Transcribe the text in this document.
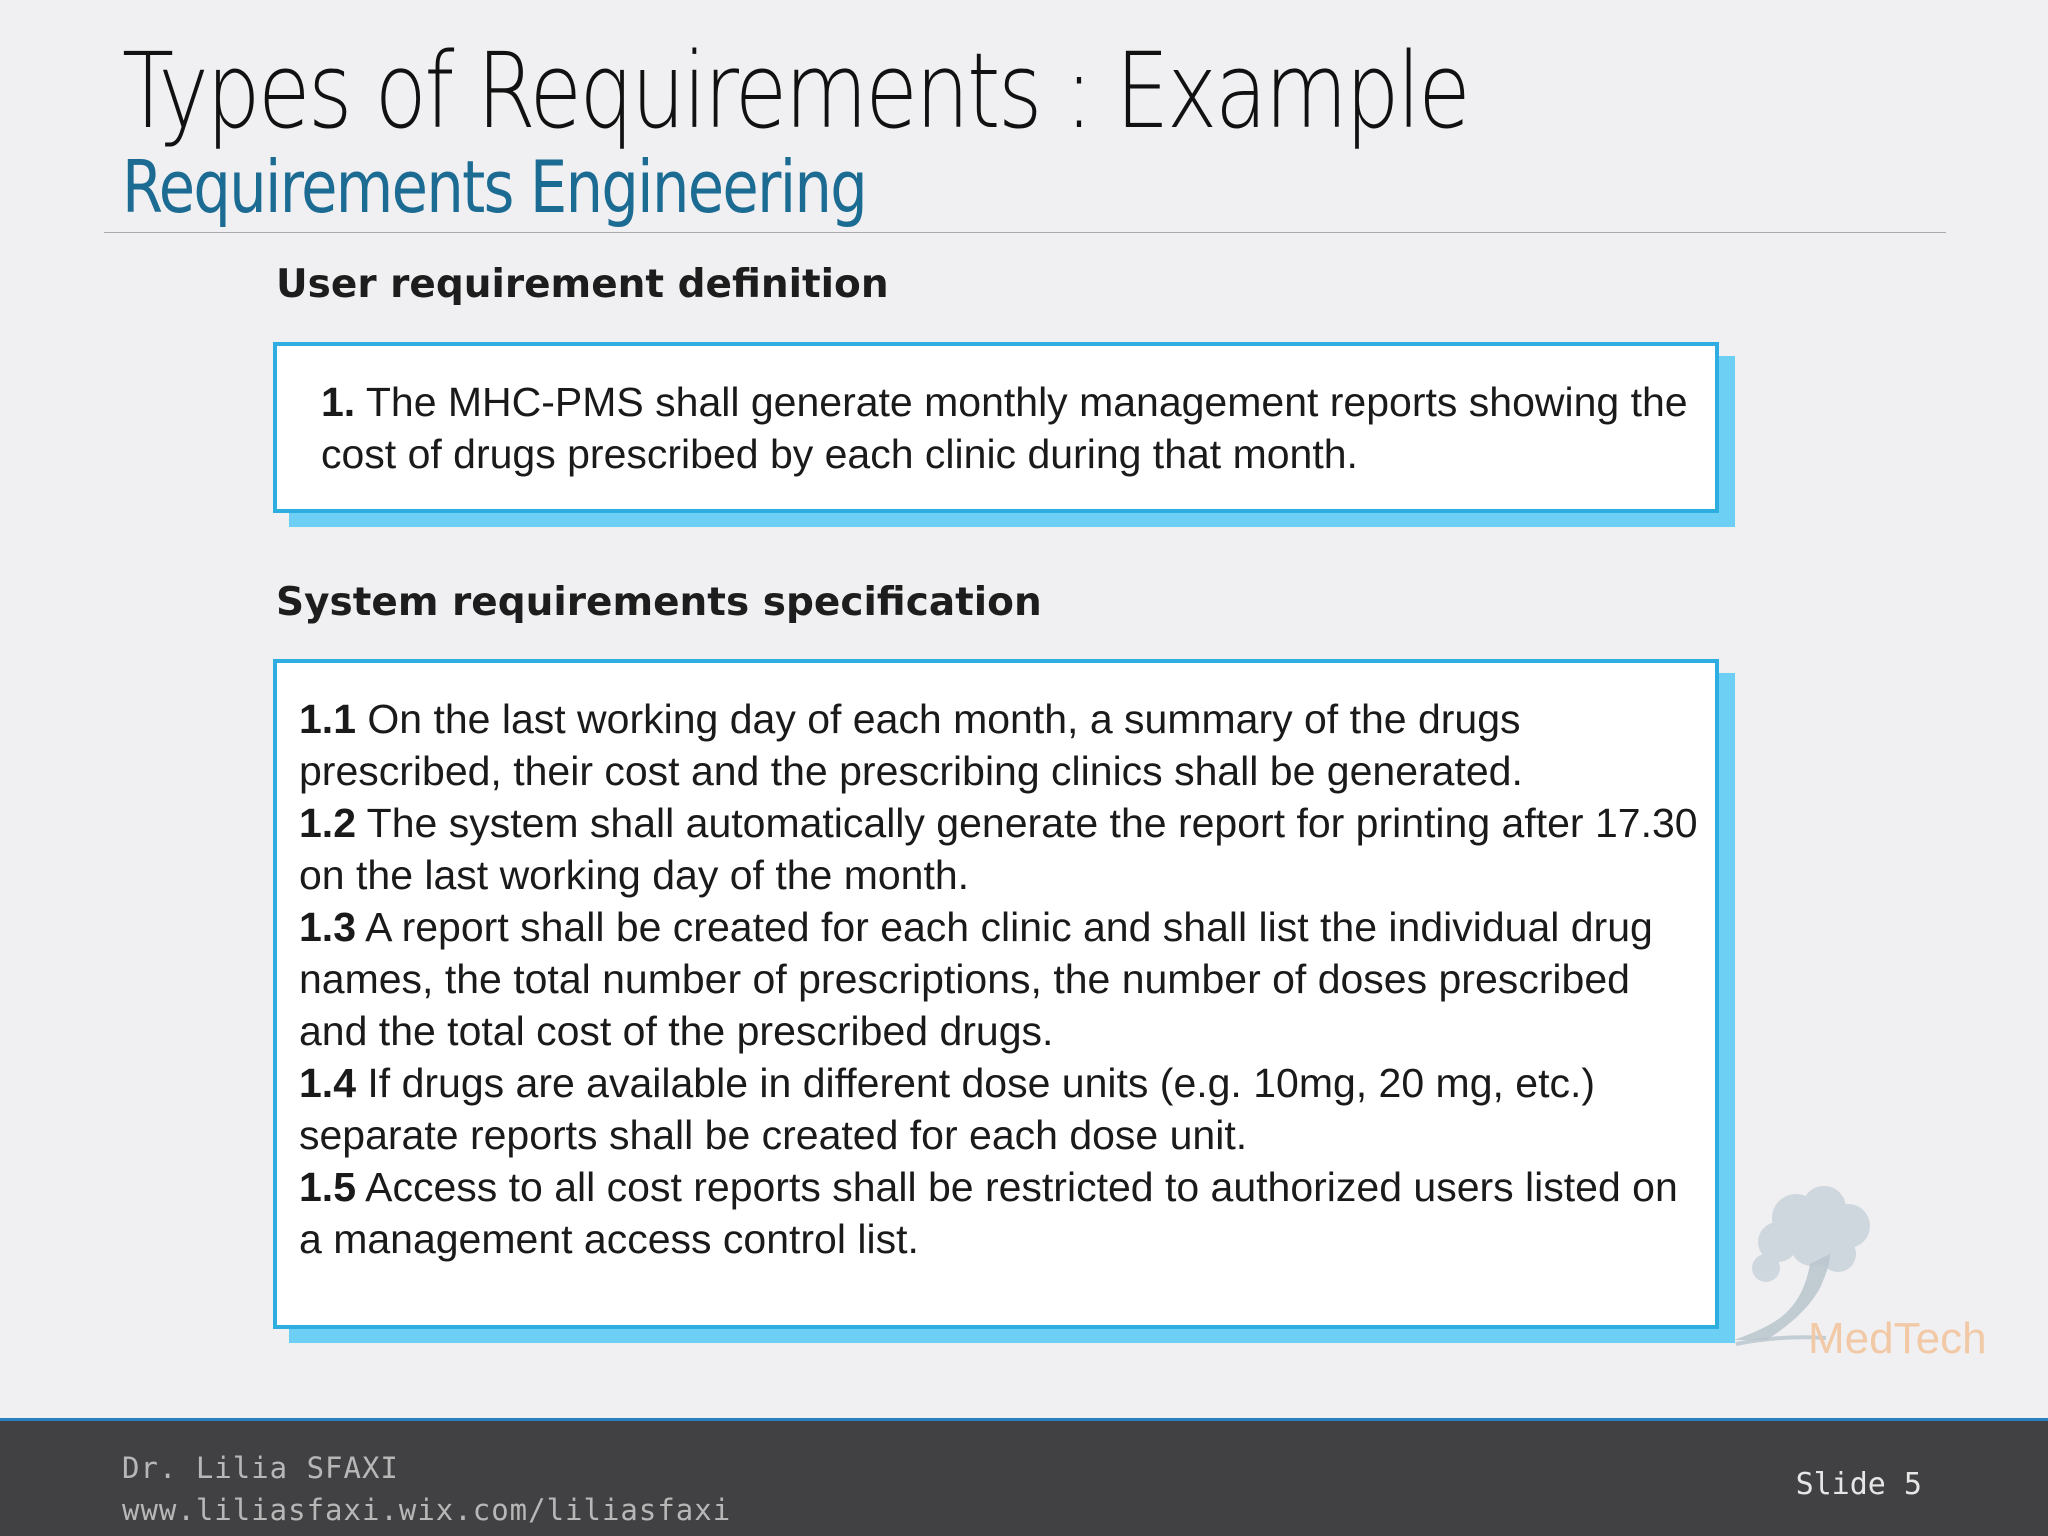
Types of Requirements : Example
Requirements Engineering
User requirement definition
1. The MHC-PMS shall generate monthly management reports showing the cost of drugs prescribed by each clinic during that month.
System requirements specification

1.1 On the last working day of each month, a summary of the drugs prescribed, their cost and the prescribing clinics shall be generated.

1.2 The system shall automatically generate the report for printing after 17.30 on the last working day of the month.

1.3 A report shall be created for each clinic and shall list the individual drug names, the total number of prescriptions, the number of doses prescribed and the total cost of the prescribed drugs.

1.4 If drugs are available in different dose units (e.g. 10mg, 20 mg, etc.) separate reports shall be created for each dose unit.

1.5 Access to all cost reports shall be restricted to authorized users listed on a management access control list.

MedTech
Dr. Lilia SFAXI
www.liliasfaxi.wix.com/liliasfaxi
Slide 5
